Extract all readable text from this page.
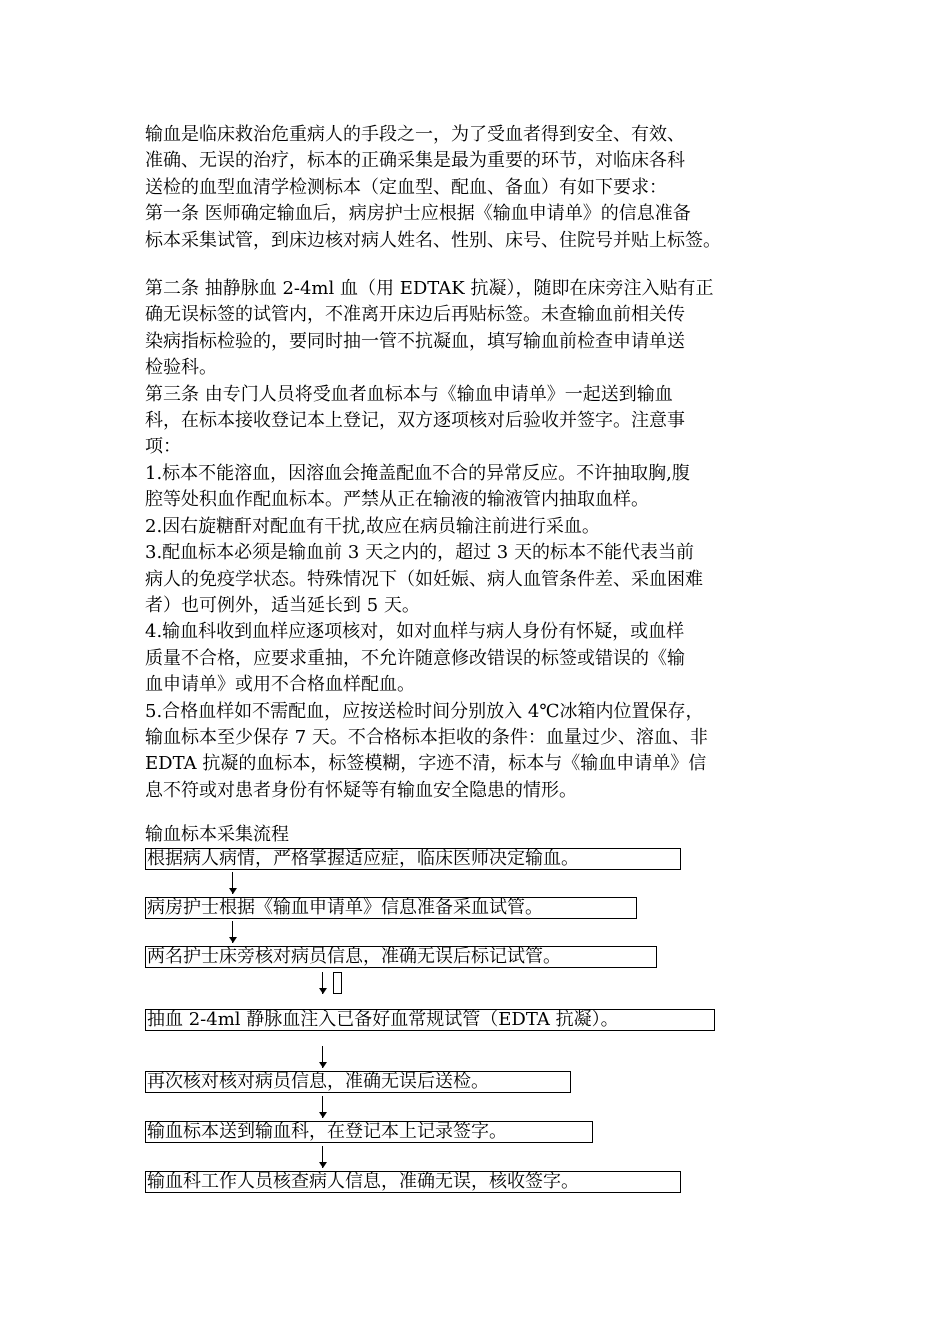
输血是临床救治危重病人的手段之一，为了受血者得到安全、有效、

准确、无误的治疗，标本的正确采集是最为重要的环节，对临床各科

送检的血型血清学检测标本（定血型、配血、备血）有如下要求：

第一条 医师确定输血后，病房护士应根据《输血申请单》的信息准备

标本采集试管，到床边核对病人姓名、性别、床号、住院号并贴上标签。

第二条 抽静脉血 2-4ml 血（用 EDTAK 抗凝），随即在床旁注入贴有正

确无误标签的试管内，不准离开床边后再贴标签。未查输血前相关传

染病指标检验的，要同时抽一管不抗凝血，填写输血前检查申请单送

检验科。

第三条 由专门人员将受血者血标本与《输血申请单》一起送到输血

科，在标本接收登记本上登记，双方逐项核对后验收并签字。注意事

项：

1.标本不能溶血，因溶血会掩盖配血不合的异常反应。不许抽取胸,腹

腔等处积血作配血标本。严禁从正在输液的输液管内抽取血样。

2.因右旋糖酐对配血有干扰,故应在病员输注前进行采血。

3.配血标本必须是输血前 3 天之内的，超过 3 天的标本不能代表当前

病人的免疫学状态。特殊情况下（如妊娠、病人血管条件差、采血困难

者）也可例外，适当延长到 5 天。

4.输血科收到血样应逐项核对，如对血样与病人身份有怀疑，或血样

质量不合格，应要求重抽，不允许随意修改错误的标签或错误的《输

血申请单》或用不合格血样配血。

5.合格血样如不需配血，应按送检时间分别放入 4℃冰箱内位置保存，

输血标本至少保存 7 天。不合格标本拒收的条件：血量过少、溶血、非

EDTA 抗凝的血标本，标签模糊，字迹不清，标本与《输血申请单》信

息不符或对患者身份有怀疑等有输血安全隐患的情形。

输血标本采集流程
根据病人病情，严格掌握适应症，临床医师决定输血。
病房护士根据《输血申请单》信息准备采血试管。
两名护士床旁核对病员信息，准确无误后标记试管。
抽血 2-4ml 静脉血注入已备好血常规试管（EDTA 抗凝）。
再次核对核对病员信息，准确无误后送检。
输血标本送到输血科，在登记本上记录签字。
输血科工作人员核查病人信息，准确无误，核收签字。
